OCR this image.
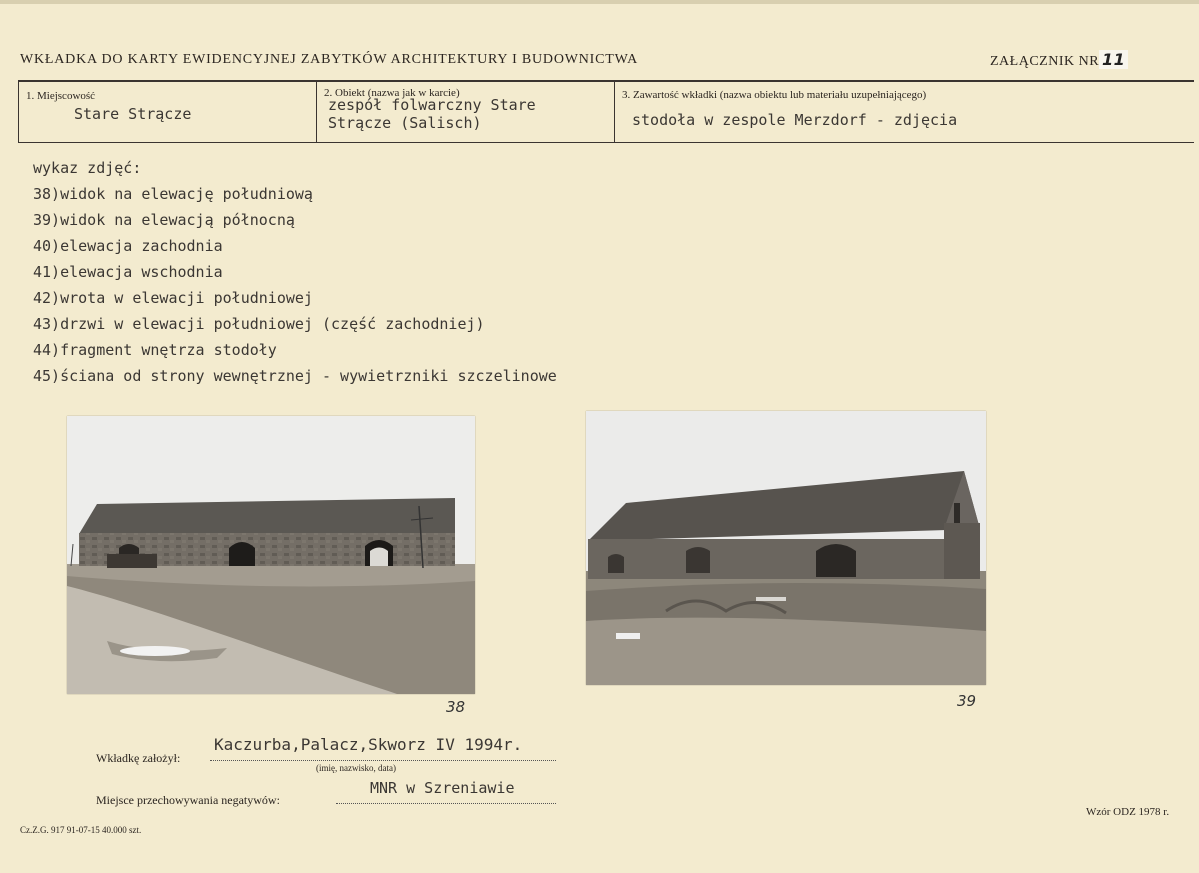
WKŁADKA DO KARTY EWIDENCYJNEJ ZABYTKÓW ARCHITEKTURY I BUDOWNICTWA	ZAŁĄCZNIK NR 11
1. Miejscowość
Stare Strącze
2. Obiekt (nazwa jak w karcie)
zespół folwarczny Stare
Strącze (Salisch)
3. Zawartość wkładki (nazwa obiektu lub materiału uzupełniającego)
stodoła w zespole Merzdorf - zdjęcia
wykaz zdjęć:
38)widok na elewację południową
39)widok na elewacją północną
40)elewacja zachodnia
41)elewacja wschodnia
42)wrota w elewacji południowej
43)drzwi w elewacji południowej (część zachodniej)
44)fragment wnętrza stodoły
45)ściana od strony wewnętrznej - wywietrzniki szczelinowe
38	39
Wkładkę założył:
Kaczurba,Palacz,Skworz IV 1994r.
(imię, nazwisko, data)
Miejsce przechowywania negatywów:
MNR w Szreniawie
Wzór ODZ 1978 r.
Cz.Z.G. 917 91-07-15 40.000 szt.
